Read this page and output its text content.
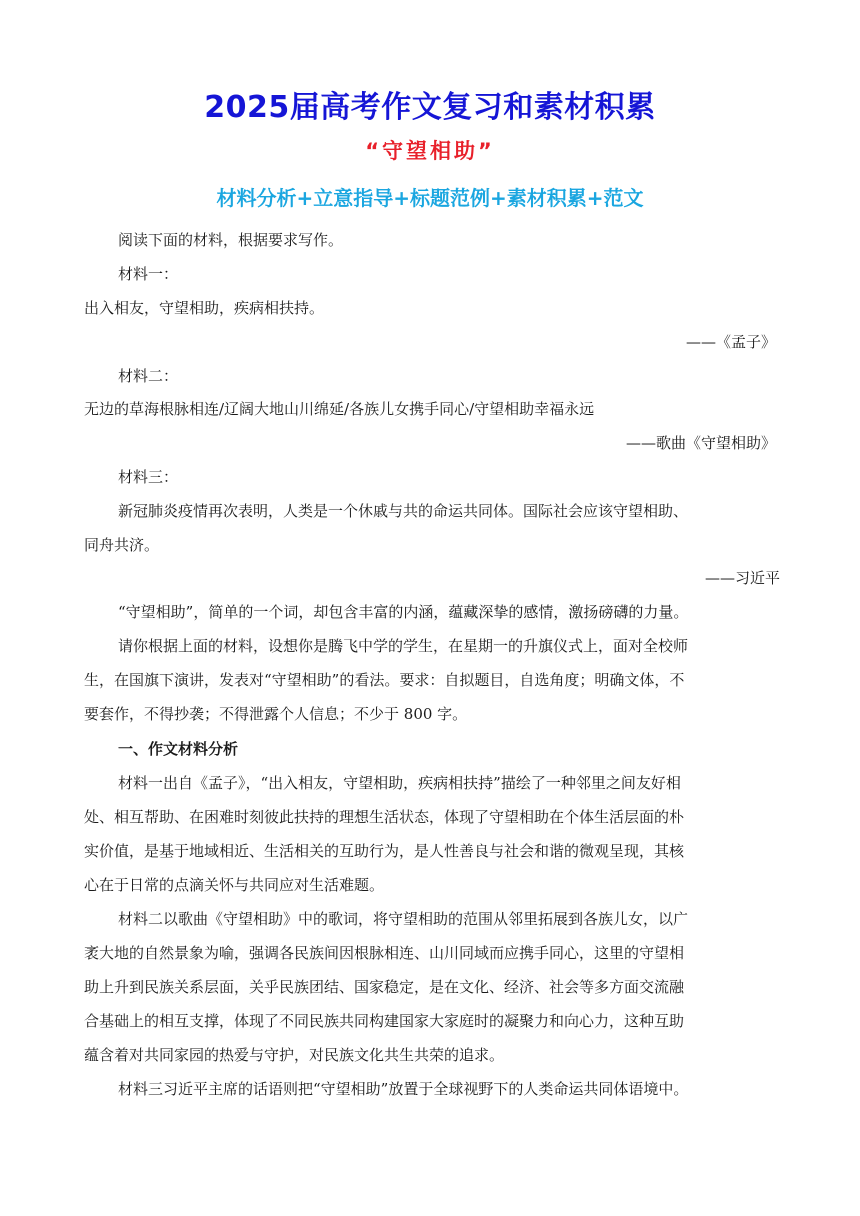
2025届高考作文复习和素材积累
“守望相助”
材料分析+立意指导+标题范例+素材积累+范文
阅读下面的材料，根据要求写作。
材料一：
出入相友，守望相助，疾病相扶持。
——《孟子》
材料二：
无边的草海根脉相连/辽阔大地山川绵延/各族儿女携手同心/守望相助幸福永远
——歌曲《守望相助》
材料三：
新冠肺炎疫情再次表明，人类是一个休戚与共的命运共同体。国际社会应该守望相助、
同舟共济。
——习近平
“守望相助”，简单的一个词，却包含丰富的内涵，蕴藏深挚的感情，激扬磅礴的力量。
请你根据上面的材料，设想你是腾飞中学的学生，在星期一的升旗仪式上，面对全校师
生，在国旗下演讲，发表对“守望相助”的看法。要求：自拟题目，自选角度；明确文体，不
要套作，不得抄袭；不得泄露个人信息；不少于 800 字。
一、作文材料分析
材料一出自《孟子》，“出入相友，守望相助，疾病相扶持”描绘了一种邻里之间友好相
处、相互帮助、在困难时刻彼此扶持的理想生活状态，体现了守望相助在个体生活层面的朴
实价值，是基于地域相近、生活相关的互助行为，是人性善良与社会和谐的微观呈现，其核
心在于日常的点滴关怀与共同应对生活难题。
材料二以歌曲《守望相助》中的歌词，将守望相助的范围从邻里拓展到各族儿女，以广
袤大地的自然景象为喻，强调各民族间因根脉相连、山川同域而应携手同心，这里的守望相
助上升到民族关系层面，关乎民族团结、国家稳定，是在文化、经济、社会等多方面交流融
合基础上的相互支撑，体现了不同民族共同构建国家大家庭时的凝聚力和向心力，这种互助
蕴含着对共同家园的热爱与守护，对民族文化共生共荣的追求。
材料三习近平主席的话语则把“守望相助”放置于全球视野下的人类命运共同体语境中。
